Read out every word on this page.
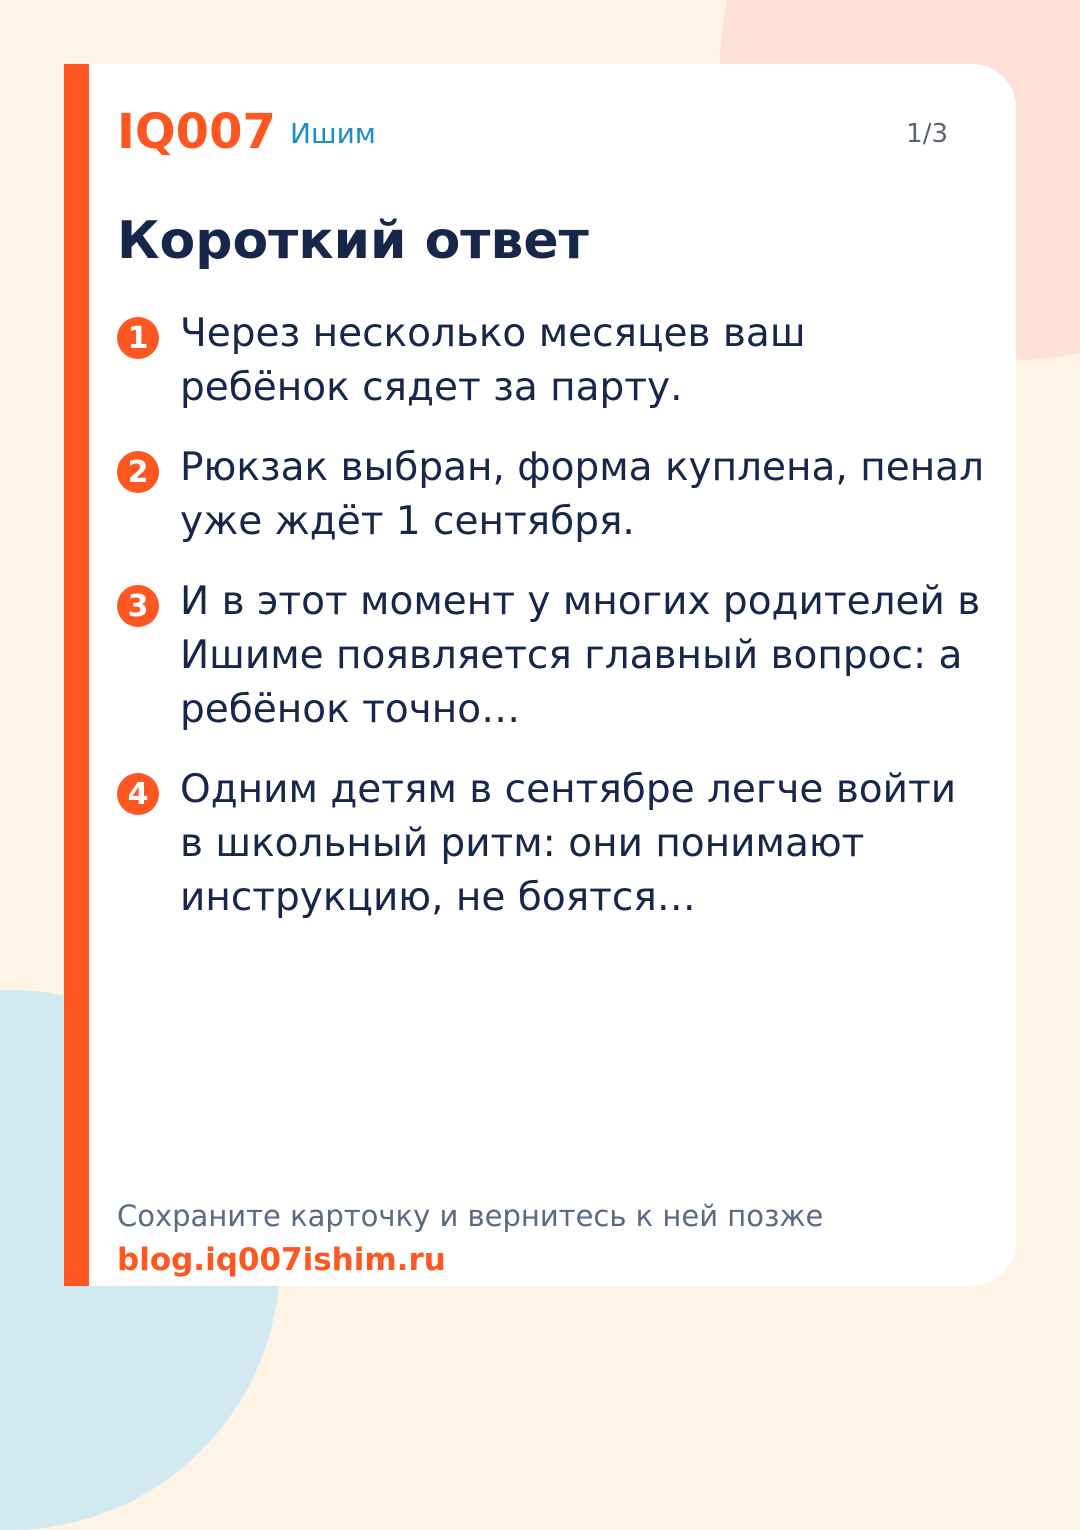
IQ007 Ишим	1/3
Короткий ответ
1 Через несколько месяцев ваш ребёнок сядет за парту.
2 Рюкзак выбран, форма куплена, пенал уже ждёт 1 сентября.
3 И в этот момент у многих родителей в Ишиме появляется главный вопрос: а ребёнок точно…
4 Одним детям в сентябре легче войти в школьный ритм: они понимают инструкцию, не боятся…
Сохраните карточку и вернитесь к ней позже
blog.iq007ishim.ru
